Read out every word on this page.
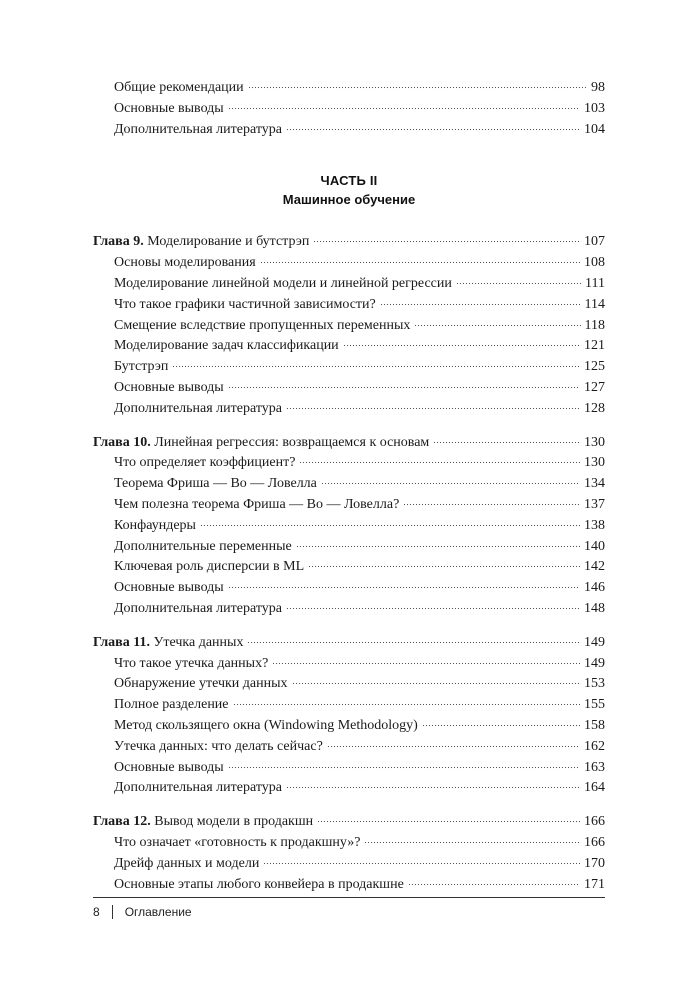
Общие рекомендации	98
Основные выводы	103
Дополнительная литература	104
ЧАСТЬ II
Машинное обучение
Глава 9. Моделирование и бутстрэп	107
Основы моделирования	108
Моделирование линейной модели и линейной регрессии	111
Что такое графики частичной зависимости?	114
Смещение вследствие пропущенных переменных	118
Моделирование задач классификации	121
Бутстрэп	125
Основные выводы	127
Дополнительная литература	128
Глава 10. Линейная регрессия: возвращаемся к основам	130
Что определяет коэффициент?	130
Теорема Фриша — Во — Ловелла	134
Чем полезна теорема Фриша — Во — Ловелла?	137
Конфаундеры	138
Дополнительные переменные	140
Ключевая роль дисперсии в ML	142
Основные выводы	146
Дополнительная литература	148
Глава 11. Утечка данных	149
Что такое утечка данных?	149
Обнаружение утечки данных	153
Полное разделение	155
Метод скользящего окна (Windowing Methodology)	158
Утечка данных: что делать сейчас?	162
Основные выводы	163
Дополнительная литература	164
Глава 12. Вывод модели в продакшн	166
Что означает «готовность к продакшну»?	166
Дрейф данных и модели	170
Основные этапы любого конвейера в продакшне	171
8 Оглавление
